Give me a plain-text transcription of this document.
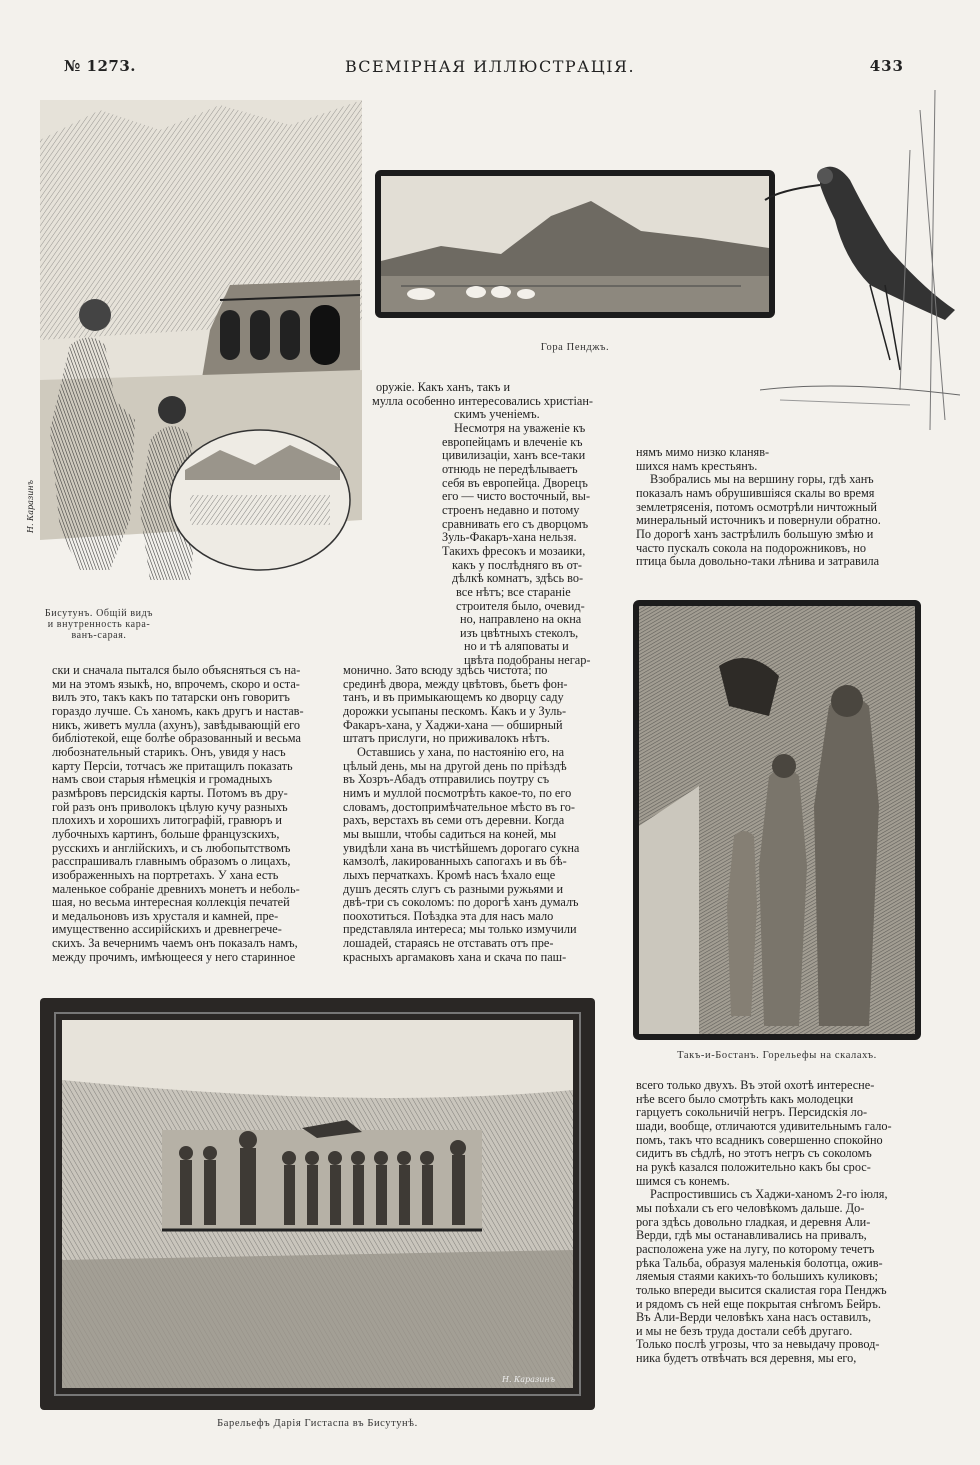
№ 1273.	ВСЕМІРНАЯ ИЛЛЮСТРАЦІЯ.	433
Бисутунъ. Общій видъ
и внутренность кара-
ванъ-сарая.
Н. Каразинъ
Гора Пенджъ.
Такъ-и-Бостанъ. Горельефы на скалахъ.
Н. Каразинъ
Барельефъ Дарія Гистаспа въ Бисутунѣ.
оружіе. Какъ ханъ, такъ и
мулла особенно интересовались христіан-
скимъ ученіемъ.
Несмотря на уваженіе къ
европейцамъ и влеченіе къ
цивилизаціи, ханъ все-таки
отнюдь не передѣлываетъ
себя въ европейца. Дворецъ
его — чисто восточный, вы-
строенъ недавно и потому
сравнивать его съ дворцомъ
Зуль-Факаръ-хана нельзя.
Такихъ фресокъ и мозаики,
какъ у послѣдняго въ от-
дѣлкѣ комнатъ, здѣсь во-
все нѣтъ; все стараніе
строителя было, очевид-
но, направлено на окна
изъ цвѣтныхъ стеколъ,
но и тѣ аляповаты и
цвѣта подобраны негар-
ски и сначала пытался было объясняться съ на-
ми на этомъ языкѣ, но, впрочемъ, скоро и оста-
вилъ это, такъ какъ по татарски онъ говоритъ
гораздо лучше. Съ ханомъ, какъ другъ и настав-
никъ, живетъ мулла (ахунъ), завѣдывающій его
библіотекой, еще болѣе образованный и весьма
любознательный старикъ. Онъ, увидя у насъ
карту Персіи, тотчасъ же притащилъ показать
намъ свои старыя нѣмецкія и громадныхъ
размѣровъ персидскія карты. Потомъ въ дру-
гой разъ онъ приволокъ цѣлую кучу разныхъ
плохихъ и хорошихъ литографій, гравюръ и
лубочныхъ картинъ, больше французскихъ,
русскихъ и англійскихъ, и съ любопытствомъ
расспрашивалъ главнымъ образомъ о лицахъ,
изображенныхъ на портретахъ. У хана есть
маленькое собраніе древнихъ монетъ и неболь-
шая, но весьма интересная коллекція печатей
и медальоновъ изъ хрусталя и камней, пре-
имущественно ассирійскихъ и древнегрече-
скихъ. За вечернимъ чаемъ онъ показалъ намъ,
между прочимъ, имѣющееся у него старинное
монично. Зато всюду здѣсь чистота; по
срединѣ двора, между цвѣтовъ, бьетъ фон-
танъ, и въ примыкающемъ ко дворцу саду
дорожки усыпаны пескомъ. Какъ и у Зуль-
Факаръ-хана, у Хаджи-хана — обширный
штатъ прислуги, но приживалокъ нѣтъ.
Оставшись у хана, по настоянію его, на
цѣлый день, мы на другой день по пріѣздѣ
въ Хозръ-Абадъ отправились поутру съ
нимъ и муллой посмотрѣть какое-то, по его
словамъ, достопримѣчательное мѣсто въ го-
рахъ, верстахъ въ семи отъ деревни. Когда
мы вышли, чтобы садиться на коней, мы
увидѣли хана въ чистѣйшемъ дорогаго сукна
камзолѣ, лакированныхъ сапогахъ и въ бѣ-
лыхъ перчаткахъ. Кромѣ насъ ѣхало еще
душъ десять слугъ съ разными ружьями и
двѣ-три съ соколомъ: по дорогѣ ханъ думалъ
поохотиться. Поѣздка эта для насъ мало
представляла интереса; мы только измучили
лошадей, стараясь не отставать отъ пре-
красныхъ аргамаковъ хана и скача по паш-
нямъ мимо низко кланяв-
шихся намъ крестьянъ.
Взобрались мы на вершину горы, гдѣ ханъ
показалъ намъ обрушившіяся скалы во время
землетрясенія, потомъ осмотрѣли ничтожный
минеральный источникъ и повернули обратно.
По дорогѣ ханъ застрѣлилъ большую змѣю и
часто пускалъ сокола на подорожниковъ, но
птица была довольно-таки лѣнива и затравила
всего только двухъ. Въ этой охотѣ интересне-
нѣе всего было смотрѣть какъ молодецки
гарцуетъ сокольничій негръ. Персидскія ло-
шади, вообще, отличаются удивительнымъ гало-
помъ, такъ что всадникъ совершенно спокойно
сидитъ въ сѣдлѣ, но этотъ негръ съ соколомъ
на рукѣ казался положительно какъ бы срос-
шимся съ конемъ.
Распростившись съ Хаджи-ханомъ 2-го іюля,
мы поѣхали съ его человѣкомъ дальше. До-
рога здѣсь довольно гладкая, и деревня Али-
Верди, гдѣ мы останавливались на привалъ,
расположена уже на лугу, по которому течетъ
рѣка Тальба, образуя маленькія болотца, ожив-
ляемыя стаями какихъ-то большихъ куликовъ;
только впереди высится скалистая гора Пенджъ
и рядомъ съ ней еще покрытая снѣгомъ Бейръ.
Въ Али-Верди человѣкъ хана насъ оставилъ,
и мы не безъ труда достали себѣ другаго.
Только послѣ угрозы, что за невыдачу провод-
ника будетъ отвѣчать вся деревня, мы его,
